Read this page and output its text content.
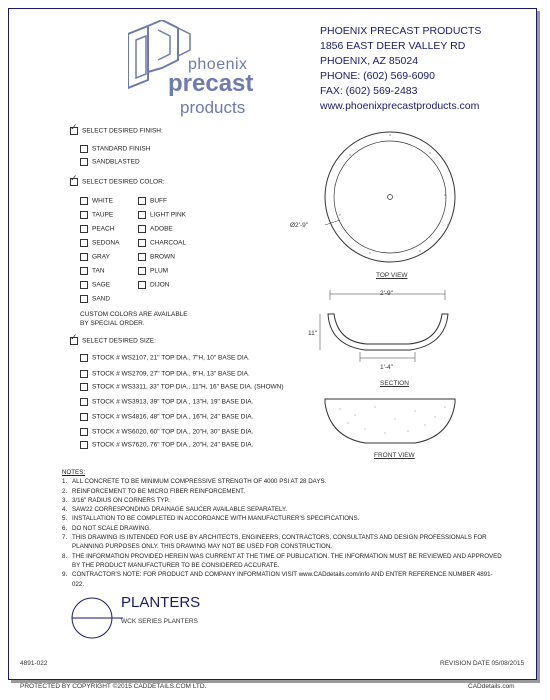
phoenix
precast
products
PHOENIX PRECAST PRODUCTS
1856 EAST DEER VALLEY RD
PHOENIX, AZ 85024
PHONE: (602) 569-6090
FAX: (602) 569-2483
www.phoenixprecastproducts.com
✓SELECT DESIRED FINISH:
STANDARD FINISH
SANDBLASTED
✓SELECT DESIRED COLOR:
WHITE
TAUPE
PEACH
SEDONA
GRAY
TAN
SAGE
SAND
BUFF
LIGHT PINK
ADOBE
CHARCOAL
BROWN
PLUM
DIJON
CUSTOM COLORS ARE AVAILABLE
BY SPECIAL ORDER.
✓SELECT DESIRED SIZE:
STOCK # WS2107, 21" TOP DIA., 7"H, 10" BASE DIA.
STOCK # WS2709, 27" TOP DIA., 9"H, 13" BASE DIA.
STOCK # WS3311, 33" TOP DIA., 11"H, 16" BASE DIA. (SHOWN)
STOCK # WS3913, 39" TOP DIA., 13"H, 19" BASE DIA.
STOCK # WS4816, 48" TOP DIA., 16"H, 24" BASE DIA.
STOCK # WS6020, 60" TOP DIA., 20"H, 30" BASE DIA.
STOCK # WS7620, 76" TOP DIA., 20"H, 24" BASE DIA.
Ø2'-9"
TOP VIEW
2'-9"
11"
1'-4"
SECTION
FRONT VIEW
NOTES:
1. ALL CONCRETE TO BE MINIMUM COMPRESSIVE STRENGTH OF 4000 PSI AT 28 DAYS.
2. REINFORCEMENT TO BE MICRO FIBER REINFORCEMENT.
3. 3/16" RADIUS ON CORNERS TYP.
4. SAW22 CORRESPONDING DRAINAGE SAUCER AVAILABLE SEPARATELY.
5. INSTALLATION TO BE COMPLETED IN ACCORDANCE WITH MANUFACTURER'S SPECIFICATIONS.
6. DO NOT SCALE DRAWING.
7. THIS DRAWING IS INTENDED FOR USE BY ARCHITECTS, ENGINEERS, CONTRACTORS, CONSULTANTS AND DESIGN PROFESSIONALS FOR PLANNING PURPOSES ONLY. THIS DRAWING MAY NOT BE USED FOR CONSTRUCTION.
8. THE INFORMATION PROVIDED HEREIN WAS CURRENT AT THE TIME OF PUBLICATION. THE INFORMATION MUST BE REVIEWED AND APPROVED BY THE PRODUCT MANUFACTURER TO BE CONSIDERED ACCURATE.
9. CONTRACTOR'S NOTE: FOR PRODUCT AND COMPANY INFORMATION VISIT www.CADdetails.com/info AND ENTER REFERENCE NUMBER 4891-022.
PLANTERS
WCK SERIES PLANTERS
4891-022	REVISION DATE 05/08/2015
PROTECTED BY COPYRIGHT ©2015 CADDETAILS.COM LTD.	CADdetails.com
